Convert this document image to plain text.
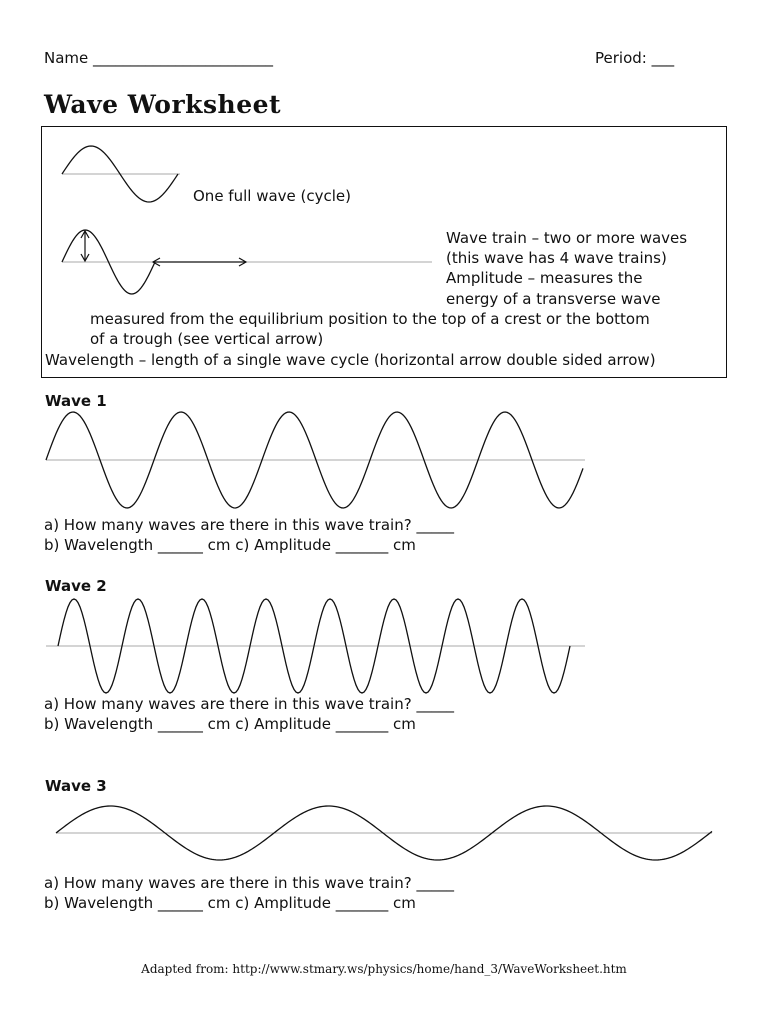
Name ________________________	Period: ___
Wave Worksheet
One full wave (cycle)
Wave train – two or more waves
(this wave has 4 wave trains)
Amplitude – measures the
energy of a transverse wave
measured from the equilibrium position to the top of a crest or the bottom
of a trough (see vertical arrow)
Wavelength – length of a single wave cycle (horizontal arrow double sided arrow)
Wave 1
a) How many waves are there in this wave train? _____
b) Wavelength ______ cm c) Amplitude _______ cm
Wave 2
a) How many waves are there in this wave train? _____
b) Wavelength ______ cm c) Amplitude _______ cm
Wave 3
a) How many waves are there in this wave train? _____
b) Wavelength ______ cm c) Amplitude _______ cm
Adapted from: http://www.stmary.ws/physics/home/hand_3/WaveWorksheet.htm
